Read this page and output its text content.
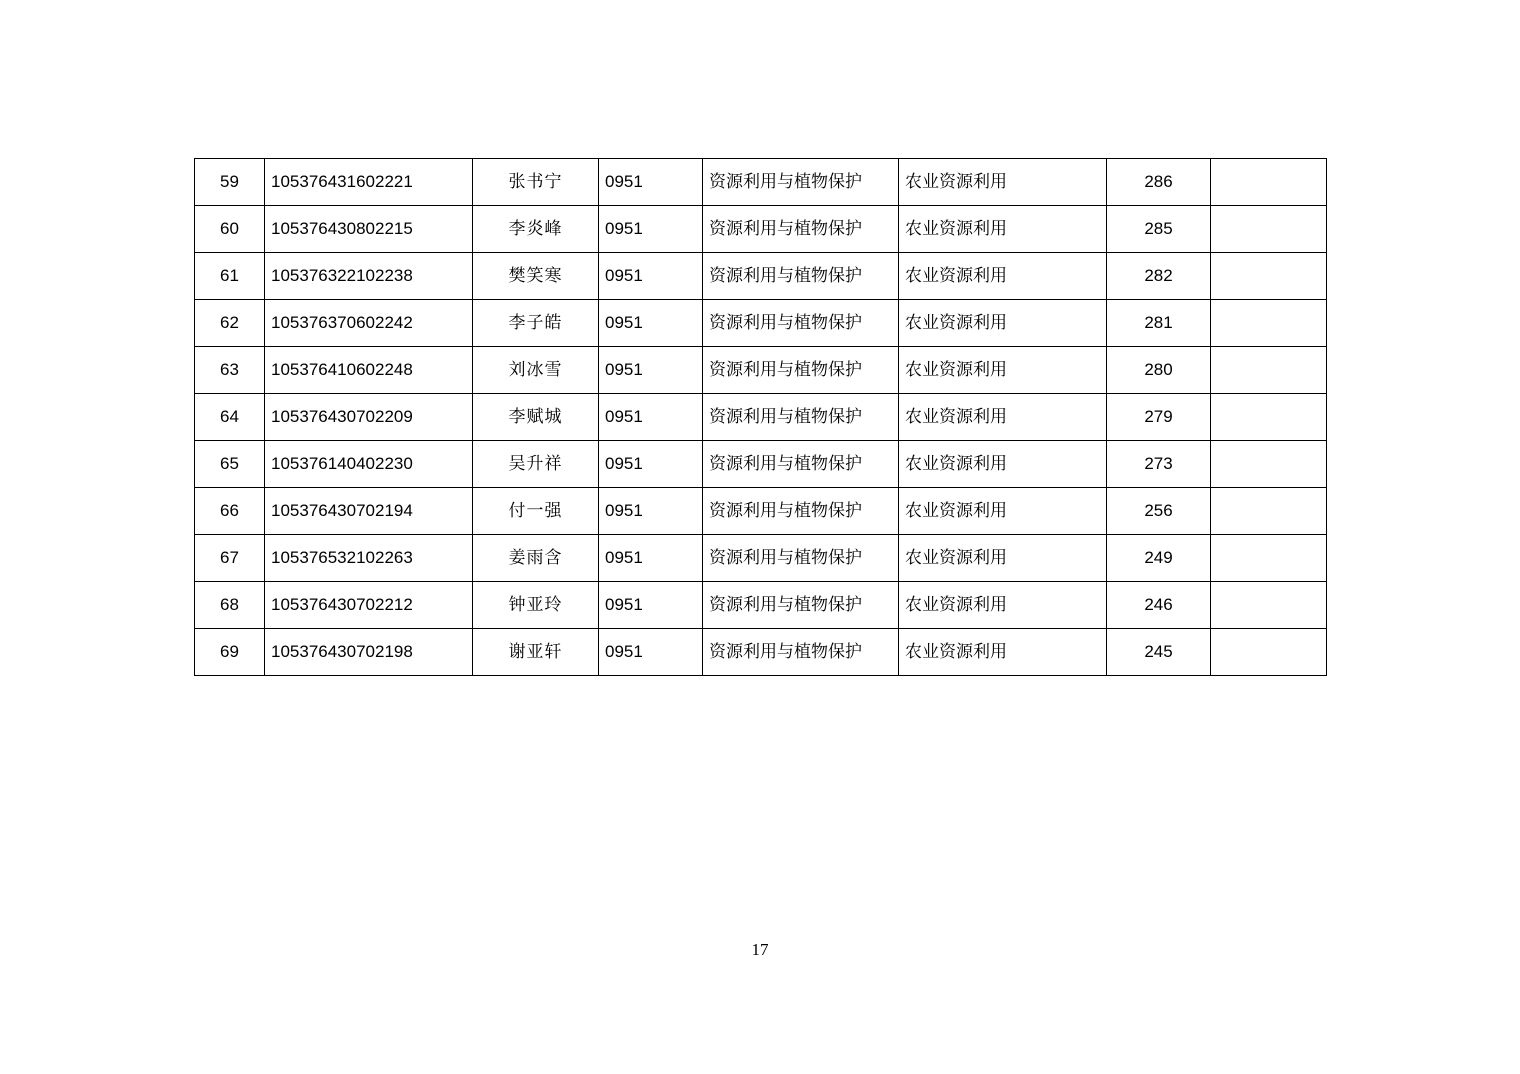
59	105376431602221	张书宁	0951	资源利用与植物保护	农业资源利用	286	
60	105376430802215	李炎峰	0951	资源利用与植物保护	农业资源利用	285	
61	105376322102238	樊笑寒	0951	资源利用与植物保护	农业资源利用	282	
62	105376370602242	李子皓	0951	资源利用与植物保护	农业资源利用	281	
63	105376410602248	刘冰雪	0951	资源利用与植物保护	农业资源利用	280	
64	105376430702209	李赋城	0951	资源利用与植物保护	农业资源利用	279	
65	105376140402230	吴升祥	0951	资源利用与植物保护	农业资源利用	273	
66	105376430702194	付一强	0951	资源利用与植物保护	农业资源利用	256	
67	105376532102263	姜雨含	0951	资源利用与植物保护	农业资源利用	249	
68	105376430702212	钟亚玲	0951	资源利用与植物保护	农业资源利用	246	
69	105376430702198	谢亚轩	0951	资源利用与植物保护	农业资源利用	245	
17
